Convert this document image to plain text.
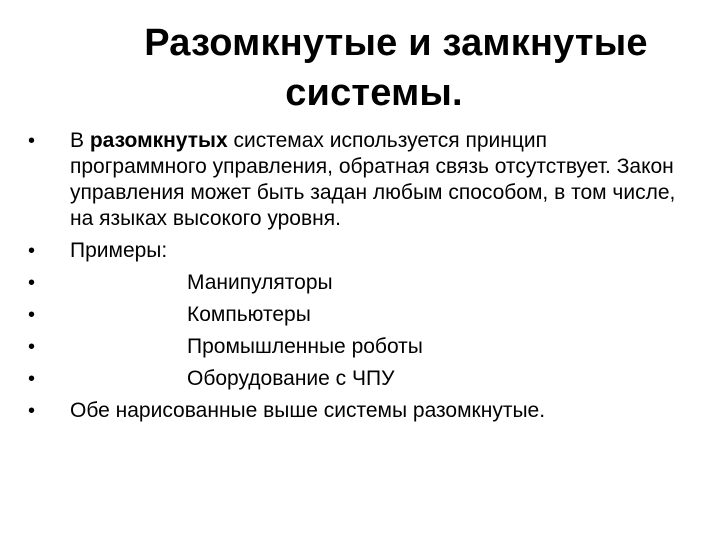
Разомкнутые и замкнутые
системы.
•	В разомкнутых системах используется принцип программного управления, обратная связь отсутствует. Закон управления может быть задан любым способом, в том числе, на языках высокого уровня.
•	Примеры:
•	Манипуляторы
•	Компьютеры
•	Промышленные роботы
•	Оборудование с ЧПУ
•	Обе нарисованные выше системы разомкнутые.
